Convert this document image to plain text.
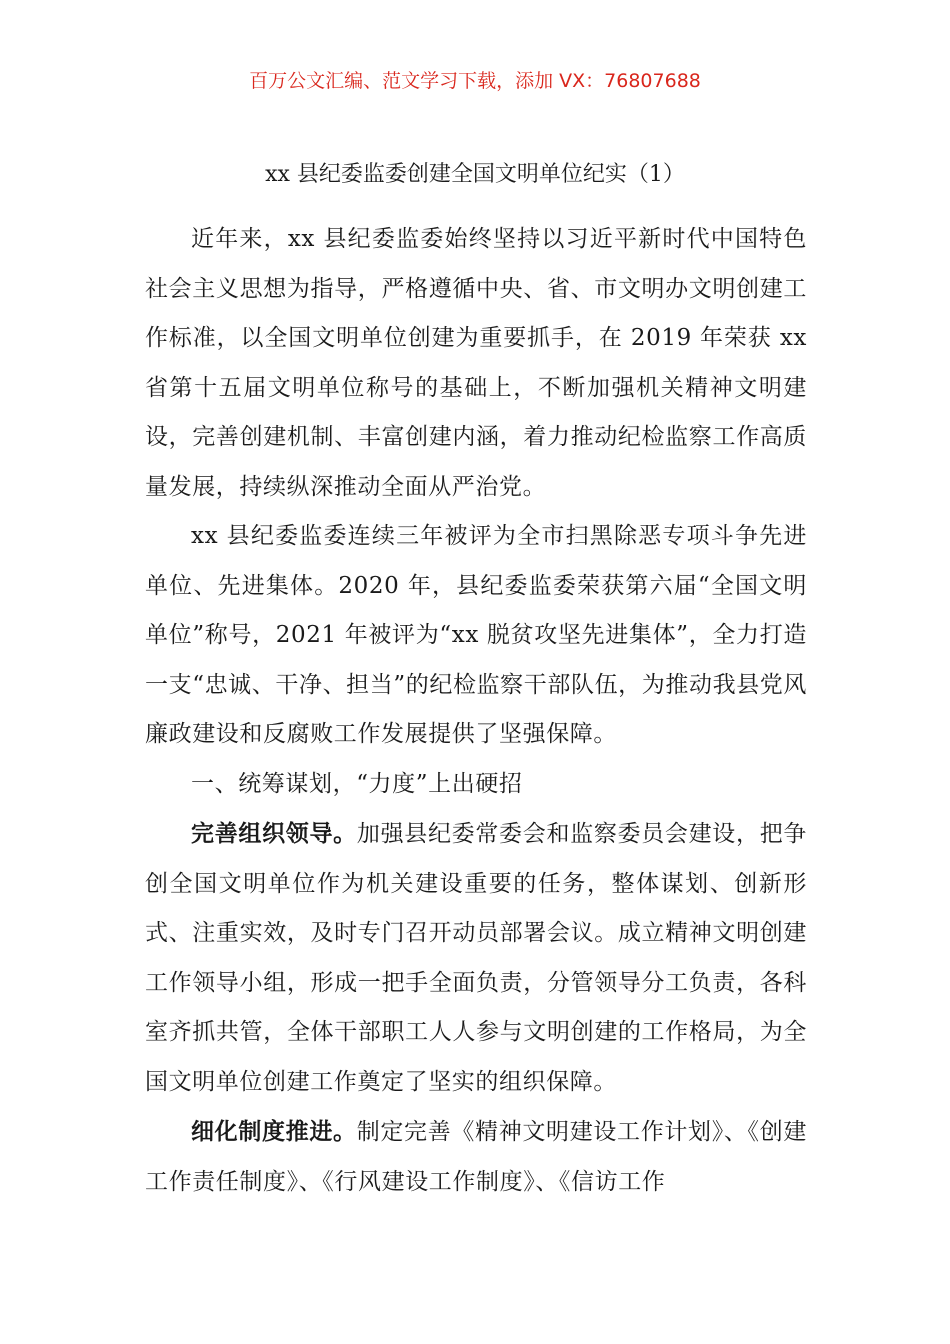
百万公文汇编、范文学习下载，添加 VX：76807688
xx 县纪委监委创建全国文明单位纪实（1）

近年来，xx 县纪委监委始终坚持以习近平新时代中国特色社会主义思想为指导，严格遵循中央、省、市文明办文明创建工作标准，以全国文明单位创建为重要抓手，在 2019 年荣获 xx 省第十五届文明单位称号的基础上，不断加强机关精神文明建设，完善创建机制、丰富创建内涵，着力推动纪检监察工作高质量发展，持续纵深推动全面从严治党。

xx 县纪委监委连续三年被评为全市扫黑除恶专项斗争先进单位、先进集体。2020 年，县纪委监委荣获第六届“全国文明单位”称号，2021 年被评为“xx 脱贫攻坚先进集体”，全力打造一支“忠诚、干净、担当”的纪检监察干部队伍，为推动我县党风廉政建设和反腐败工作发展提供了坚强保障。

一、统筹谋划，“力度”上出硬招

完善组织领导。加强县纪委常委会和监察委员会建设，把争创全国文明单位作为机关建设重要的任务，整体谋划、创新形式、注重实效，及时专门召开动员部署会议。成立精神文明创建工作领导小组，形成一把手全面负责，分管领导分工负责，各科室齐抓共管，全体干部职工人人参与文明创建的工作格局，为全国文明单位创建工作奠定了坚实的组织保障。

细化制度推进。制定完善《精神文明建设工作计划》、《创建工作责任制度》、《行风建设工作制度》、《信访工作
